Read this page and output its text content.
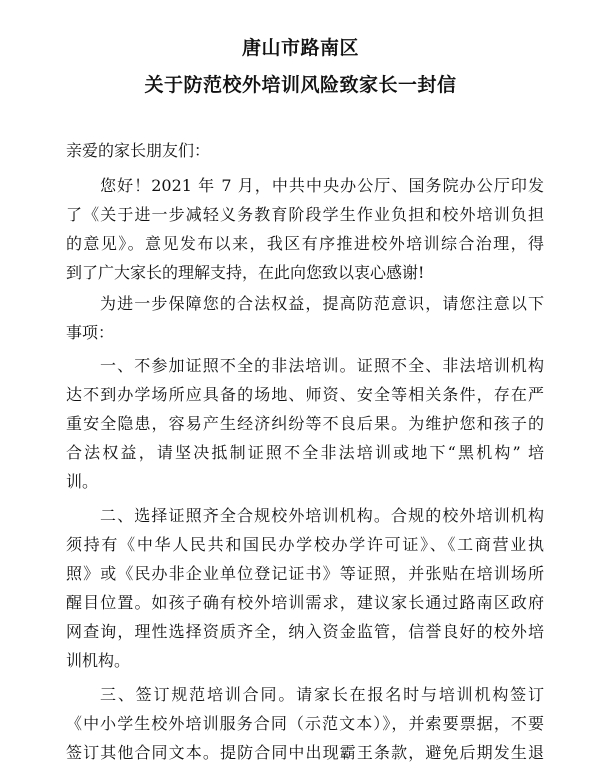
唐山市路南区
关于防范校外培训风险致家长一封信
亲爱的家长朋友们：
您好！2021 年 7 月，中共中央办公厅、国务院办公厅印发
了《关于进一步减轻义务教育阶段学生作业负担和校外培训负担
的意见》。意见发布以来，我区有序推进校外培训综合治理，得
到了广大家长的理解支持，在此向您致以衷心感谢!
为进一步保障您的合法权益，提高防范意识，请您注意以下
事项：
一、不参加证照不全的非法培训。证照不全、非法培训机构
达不到办学场所应具备的场地、师资、安全等相关条件，存在严
重安全隐患，容易产生经济纠纷等不良后果。为维护您和孩子的
合法权益，请坚决抵制证照不全非法培训或地下“黑机构” 培
训。
二、选择证照齐全合规校外培训机构。合规的校外培训机构
须持有《中华人民共和国民办学校办学许可证》、《工商营业执
照》或《民办非企业单位登记证书》等证照，并张贴在培训场所
醒目位置。如孩子确有校外培训需求，建议家长通过路南区政府
网查询，理性选择资质齐全，纳入资金监管，信誉良好的校外培
训机构。
三、签订规范培训合同。请家长在报名时与培训机构签订
《中小学生校外培训服务合同（示范文本）》，并索要票据，不要
签订其他合同文本。提防合同中出现霸王条款，避免后期发生退
